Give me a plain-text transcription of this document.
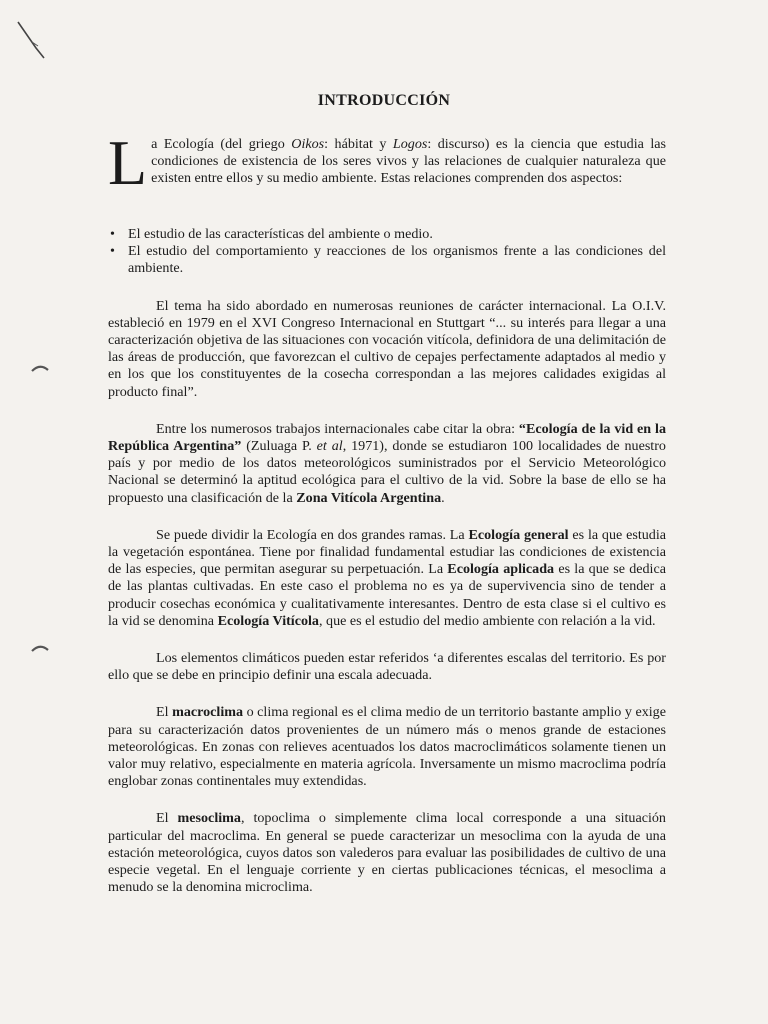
INTRODUCCIÓN
La Ecología (del griego Oikos: hábitat y Logos: discurso) es la ciencia que estudia las condiciones de existencia de los seres vivos y las relaciones de cualquier naturaleza que existen entre ellos y su medio ambiente. Estas relaciones comprenden dos aspectos:
• El estudio de las características del ambiente o medio.
• El estudio del comportamiento y reacciones de los organismos frente a las condiciones del ambiente.

El tema ha sido abordado en numerosas reuniones de carácter internacional. La O.I.V. estableció en 1979 en el XVI Congreso Internacional en Stuttgart “... su interés para llegar a una caracterización objetiva de las situaciones con vocación vitícola, definidora de una delimitación de las áreas de producción, que favorezcan el cultivo de cepajes perfectamente adaptados al medio y en los que los constituyentes de la cosecha correspondan a las mejores calidades exigidas al producto final”.

Entre los numerosos trabajos internacionales cabe citar la obra: “Ecología de la vid en la República Argentina” (Zuluaga P. et al, 1971), donde se estudiaron 100 localidades de nuestro país y por medio de los datos meteorológicos suministrados por el Servicio Meteorológico Nacional se determinó la aptitud ecológica para el cultivo de la vid. Sobre la base de ello se ha propuesto una clasificación de la Zona Vitícola Argentina.

Se puede dividir la Ecología en dos grandes ramas. La Ecología general es la que estudia la vegetación espontánea. Tiene por finalidad fundamental estudiar las condiciones de existencia de las especies, que permitan asegurar su perpetuación. La Ecología aplicada es la que se dedica de las plantas cultivadas. En este caso el problema no es ya de supervivencia sino de tender a producir cosechas económica y cualitativamente interesantes. Dentro de esta clase si el cultivo es la vid se denomina Ecología Vitícola, que es el estudio del medio ambiente con relación a la vid.

Los elementos climáticos pueden estar referidos ‘a diferentes escalas del territorio. Es por ello que se debe en principio definir una escala adecuada.

El macroclima o clima regional es el clima medio de un territorio bastante amplio y exige para su caracterización datos provenientes de un número más o menos grande de estaciones meteorológicas. En zonas con relieves acentuados los datos macroclimáticos solamente tienen un valor muy relativo, especialmente en materia agrícola. Inversamente un mismo macroclima podría englobar zonas continentales muy extendidas.

El mesoclima, topoclima o simplemente clima local corresponde a una situación particular del macroclima. En general se puede caracterizar un mesoclima con la ayuda de una estación meteorológica, cuyos datos son valederos para evaluar las posibilidades de cultivo de una especie vegetal. En el lenguaje corriente y en ciertas publicaciones técnicas, el mesoclima a menudo se la denomina microclima.
